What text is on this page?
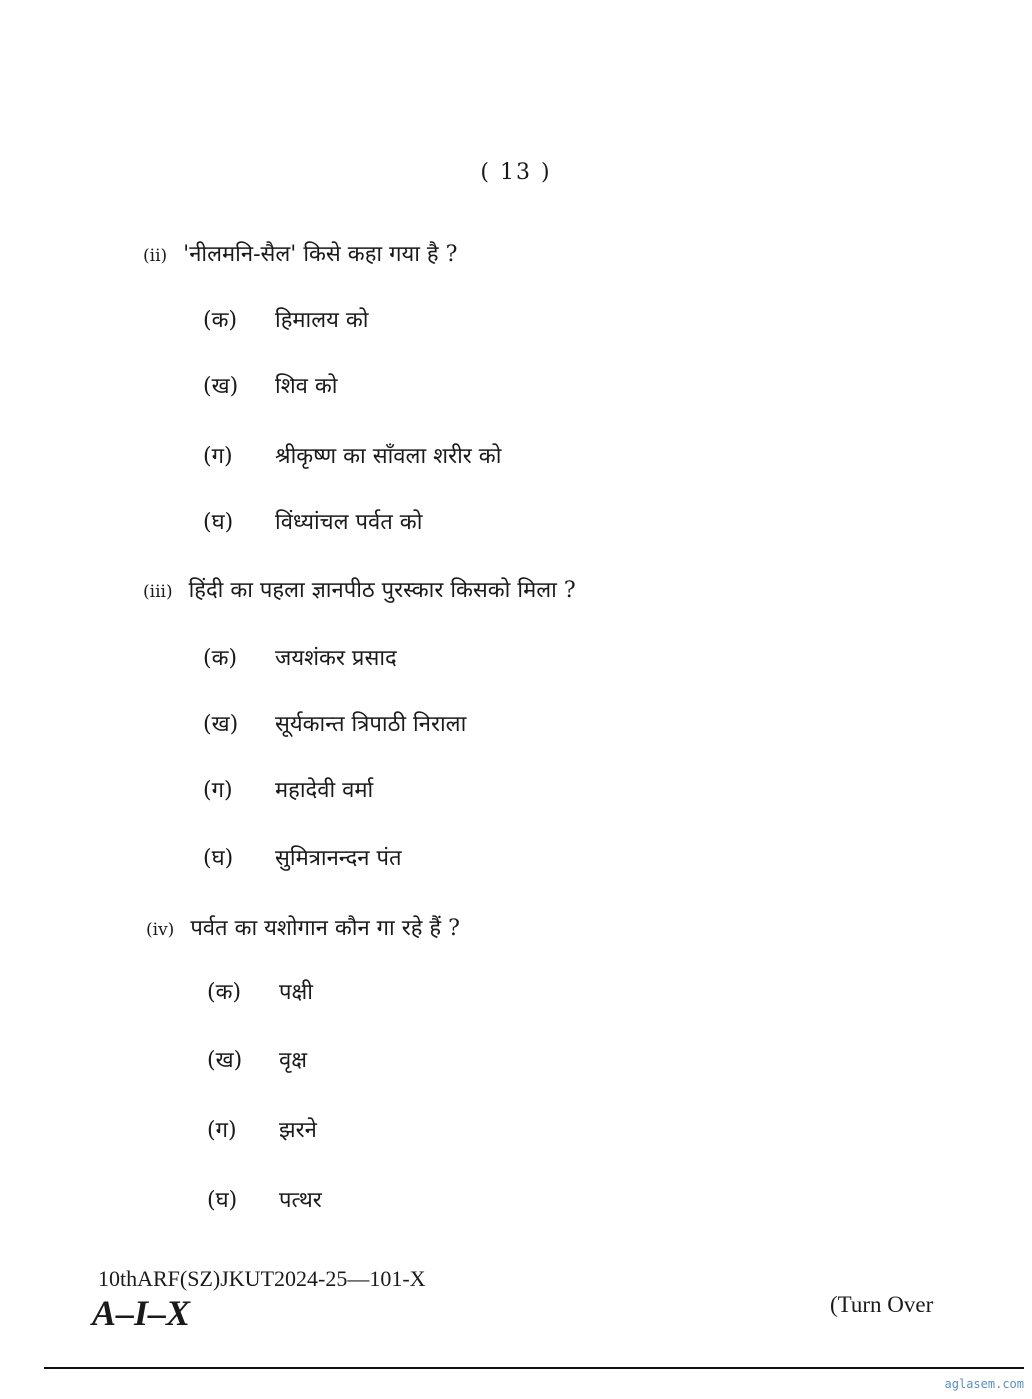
( 13 )
(ii) 'नीलमनि-सैल' किसे कहा गया है ?
(क) हिमालय को
(ख) शिव को
(ग) श्रीकृष्ण का साँवला शरीर को
(घ) विंध्यांचल पर्वत को
(iii) हिंदी का पहला ज्ञानपीठ पुरस्कार किसको मिला ?
(क) जयशंकर प्रसाद
(ख) सूर्यकान्त त्रिपाठी निराला
(ग) महादेवी वर्मा
(घ) सुमित्रानन्दन पंत
(iv) पर्वत का यशोगान कौन गा रहे हैं ?
(क) पक्षी
(ख) वृक्ष
(ग) झरने
(घ) पत्थर
10thARF(SZ)JKUT2024-25—101-X
A–I–X	(Turn Over
aglasem.com
